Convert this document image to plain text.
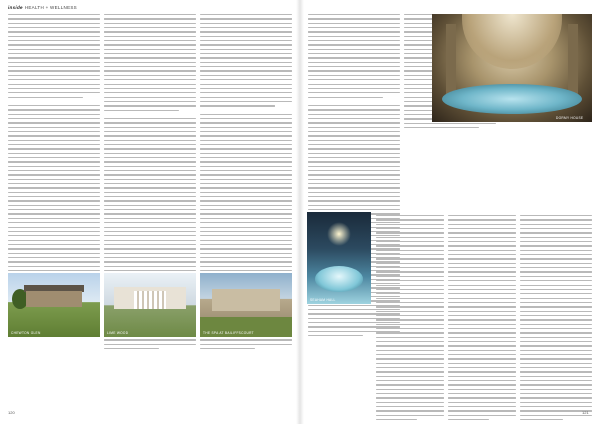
inside HEALTH + WELLNESS
CHEWTON GLEN	LIME WOOD	THE SPA AT BAILIFFSCOURT
120
DORMY HOUSE
SEAHAM HALL
121
